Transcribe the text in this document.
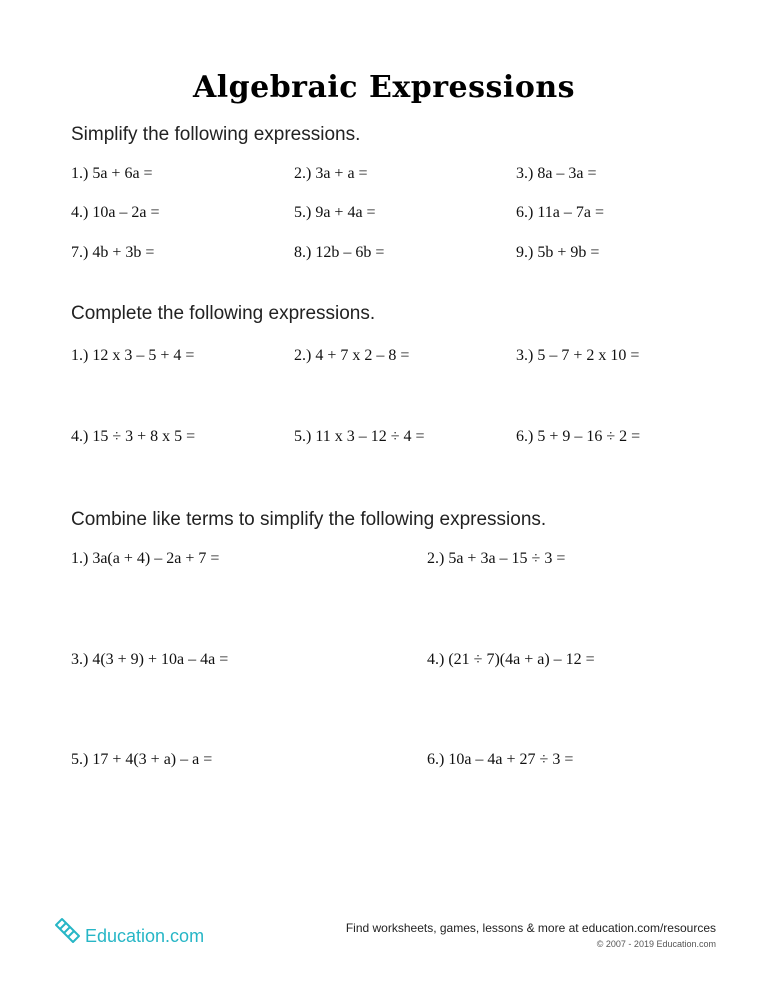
Algebraic Expressions
Simplify the following expressions.
1.) 5a + 6a =	2.) 3a + a =	3.) 8a – 3a =
4.) 10a – 2a =	5.) 9a + 4a =	6.) 11a – 7a =
7.) 4b + 3b =	8.) 12b – 6b =	9.) 5b + 9b =
Complete the following expressions.
1.) 12 x 3 – 5 + 4 =	2.) 4 + 7 x 2 – 8 =	3.) 5 – 7 + 2 x 10 =
4.) 15 ÷ 3 + 8 x 5 =	5.) 11 x 3 – 12 ÷ 4 =	6.) 5 + 9 – 16 ÷ 2 =
Combine like terms to simplify the following expressions.
1.) 3a(a + 4) – 2a + 7 =	2.) 5a + 3a – 15 ÷ 3 =
3.) 4(3 + 9) + 10a – 4a =	4.) (21 ÷ 7)(4a + a) – 12 =
5.) 17 + 4(3 + a) – a =	6.) 10a – 4a + 27 ÷ 3 =
Education.com	Find worksheets, games, lessons & more at education.com/resources
© 2007 - 2019 Education.com
